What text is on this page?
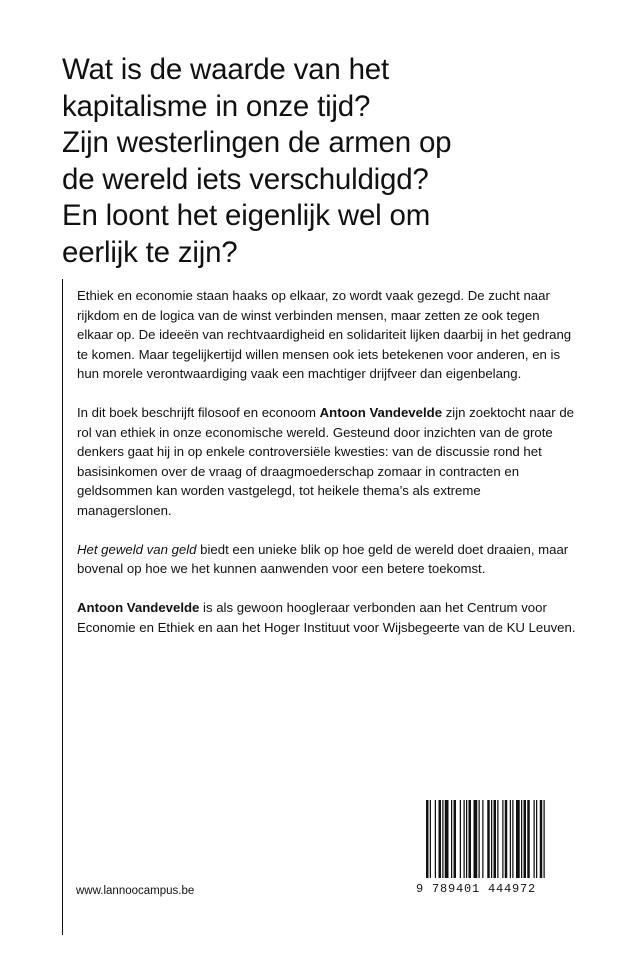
Wat is de waarde van het
kapitalisme in onze tijd?
Zijn westerlingen de armen op
de wereld iets verschuldigd?
En loont het eigenlijk wel om
eerlijk te zijn?

Ethiek en economie staan haaks op elkaar, zo wordt vaak gezegd. De zucht naar rijkdom en de logica van de winst verbinden mensen, maar zetten ze ook tegen elkaar op. De ideeën van rechtvaardigheid en solidariteit lijken daarbij in het gedrang te komen. Maar tegelijkertijd willen mensen ook iets betekenen voor anderen, en is hun morele verontwaardiging vaak een machtiger drijfveer dan eigenbelang.

In dit boek beschrijft filosoof en econoom Antoon Vandevelde zijn zoektocht naar de rol van ethiek in onze economische wereld. Gesteund door inzichten van de grote denkers gaat hij in op enkele controversiële kwesties: van de discussie rond het basisinkomen over de vraag of draagmoederschap zomaar in contracten en geldsommen kan worden vastgelegd, tot heikele thema’s als extreme managerslonen.

Het geweld van geld biedt een unieke blik op hoe geld de wereld doet draaien, maar bovenal op hoe we het kunnen aanwenden voor een betere toekomst.

Antoon Vandevelde is als gewoon hoogleraar verbonden aan het Centrum voor Economie en Ethiek en aan het Hoger Instituut voor Wijsbegeerte van de KU Leuven.

www.lannoocampus.be	9 789401 444972
